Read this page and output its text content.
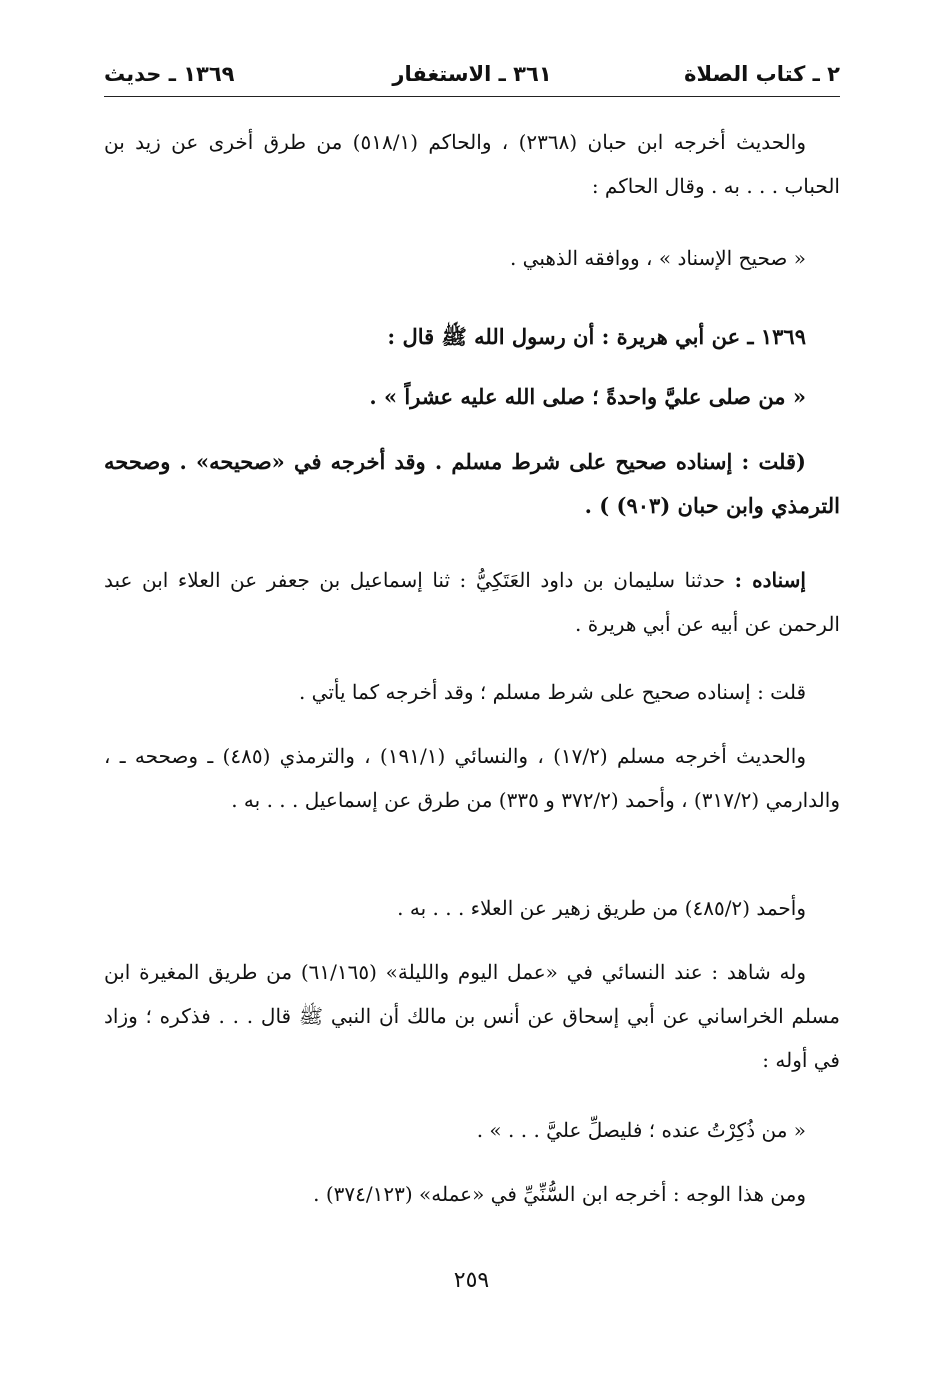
٢ ـ كتاب الصلاة
٣٦١ ـ الاستغفار
١٣٦٩ ـ حديث
والحديث أخرجه ابن حبان (٢٣٦٨) ، والحاكم (٥١٨/١) من طرق أخرى عن زيد بن الحباب . . . به . وقال الحاكم :
« صحيح الإسناد » ، ووافقه الذهبي .
١٣٦٩ ـ عن أبي هريرة : أن رسول الله ﷺ قال :
« من صلى عليَّ واحدةً ؛ صلى الله عليه عشراً » .
(قلت : إسناده صحيح على شرط مسلم . وقد أخرجه في «صحيحه» . وصححه الترمذي وابن حبان (٩٠٣) ) .
إسناده : حدثنا سليمان بن داود العَتَكِيُّ : ثنا إسماعيل بن جعفر عن العلاء ابن عبد الرحمن عن أبيه عن أبي هريرة .
قلت : إسناده صحيح على شرط مسلم ؛ وقد أخرجه كما يأتي .
والحديث أخرجه مسلم (١٧/٢) ، والنسائي (١٩١/١) ، والترمذي (٤٨٥) ـ وصححه ـ ، والدارمي (٣١٧/٢) ، وأحمد (٣٧٢/٢ و ٣٣٥) من طرق عن إسماعيل . . . به .
وأحمد (٤٨٥/٢) من طريق زهير عن العلاء . . . به .
وله شاهد : عند النسائي في «عمل اليوم والليلة» (٦١/١٦٥) من طريق المغيرة ابن مسلم الخراساني عن أبي إسحاق عن أنس بن مالك أن النبي ﷺ قال . . . فذكره ؛ وزاد في أوله :
« من ذُكِرْتُ عنده ؛ فليصلِّ عليَّ . . . » .
ومن هذا الوجه : أخرجه ابن السُّنِّيِّ في «عمله» (٣٧٤/١٢٣) .
٢٥٩
